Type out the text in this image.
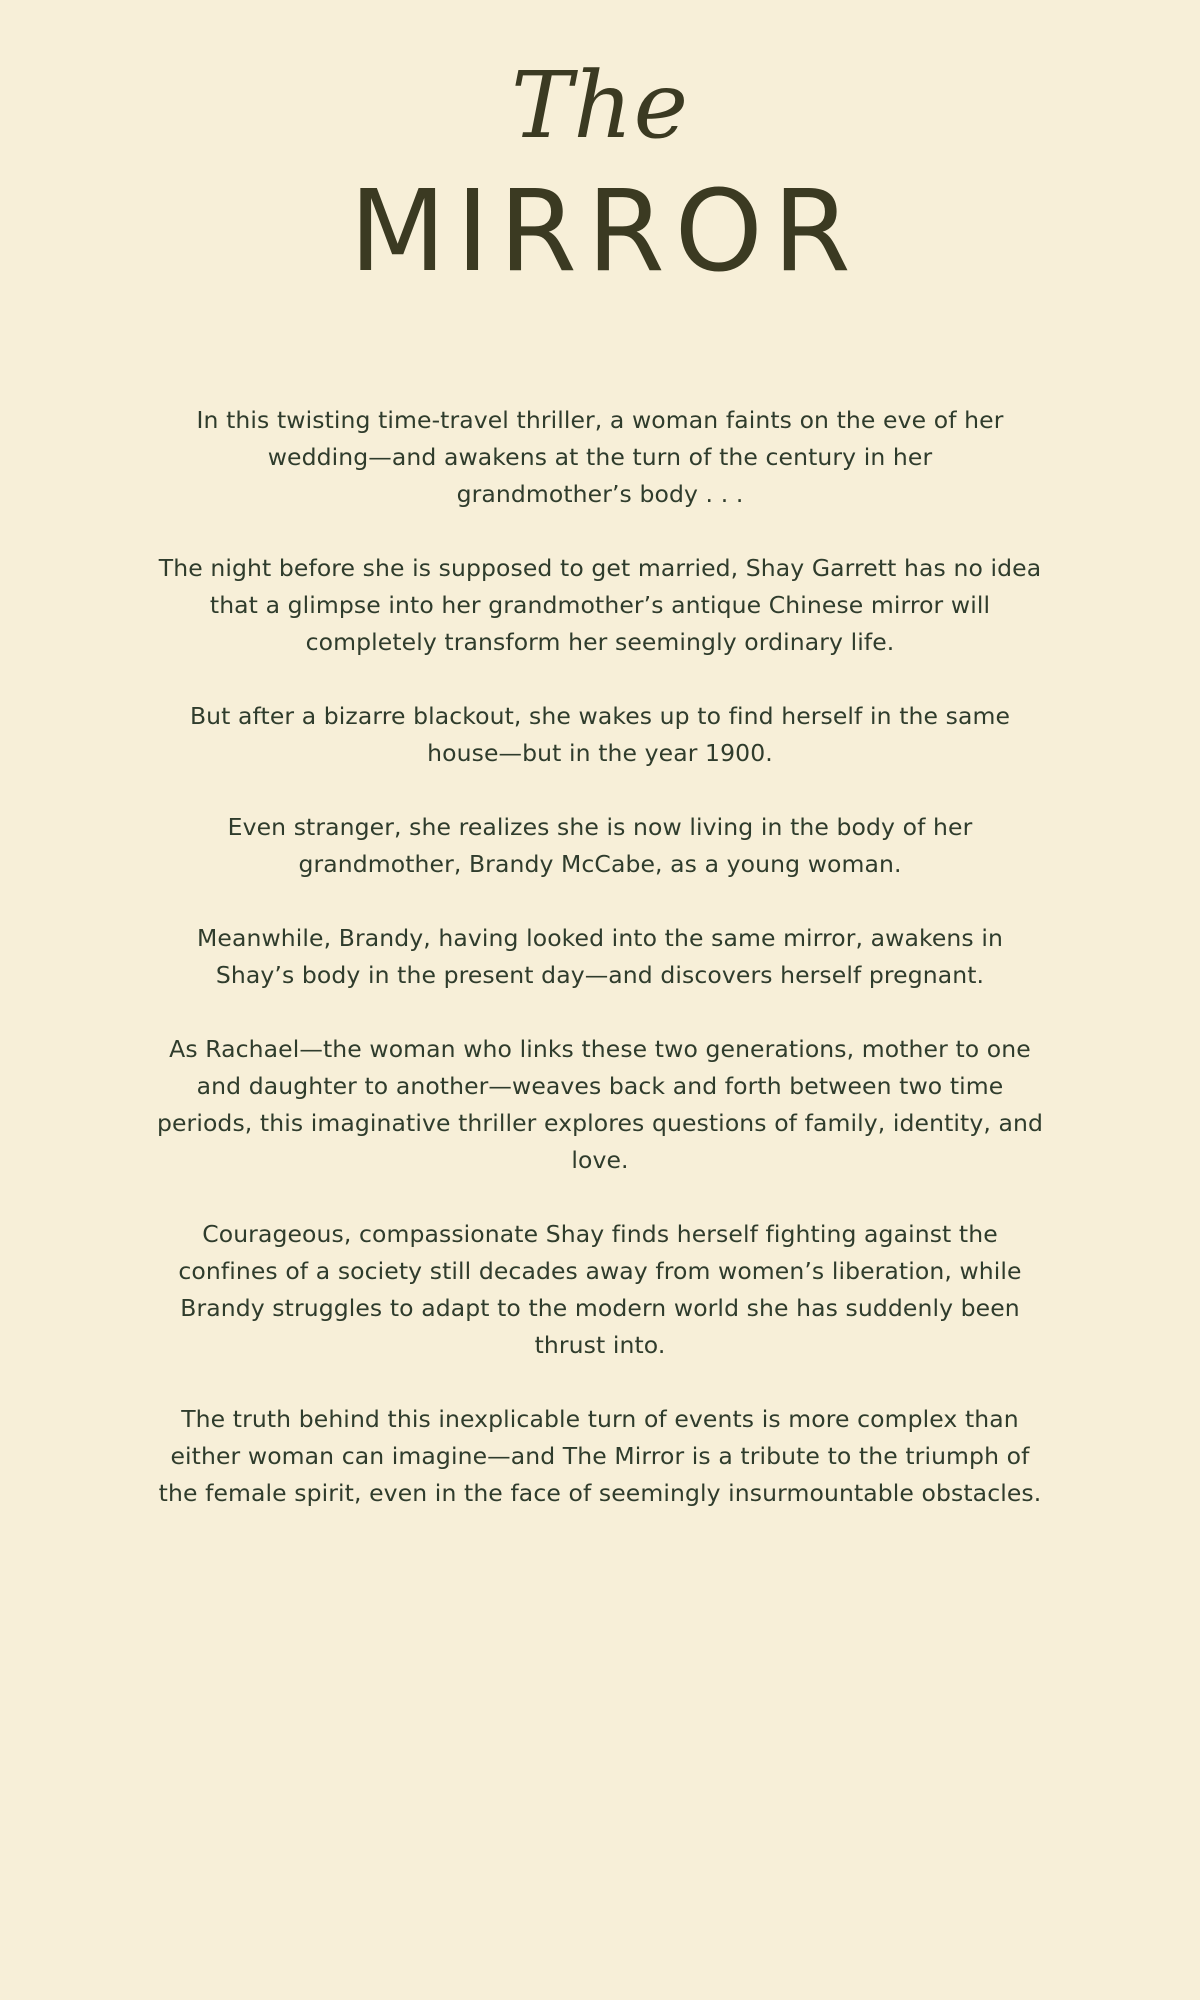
The
MIRROR

In this twisting time-travel thriller, a woman faints on the eve of her wedding—and awakens at the turn of the century in her grandmother’s body . . .

The night before she is supposed to get married, Shay Garrett has no idea that a glimpse into her grandmother’s antique Chinese mirror will completely transform her seemingly ordinary life.

But after a bizarre blackout, she wakes up to find herself in the same house—but in the year 1900.

Even stranger, she realizes she is now living in the body of her grandmother, Brandy McCabe, as a young woman.

Meanwhile, Brandy, having looked into the same mirror, awakens in Shay’s body in the present day—and discovers herself pregnant.

As Rachael—the woman who links these two generations, mother to one and daughter to another—weaves back and forth between two time periods, this imaginative thriller explores questions of family, identity, and love.

Courageous, compassionate Shay finds herself fighting against the confines of a society still decades away from women’s liberation, while Brandy struggles to adapt to the modern world she has suddenly been thrust into.

The truth behind this inexplicable turn of events is more complex than either woman can imagine—and The Mirror is a tribute to the triumph of the female spirit, even in the face of seemingly insurmountable obstacles.
